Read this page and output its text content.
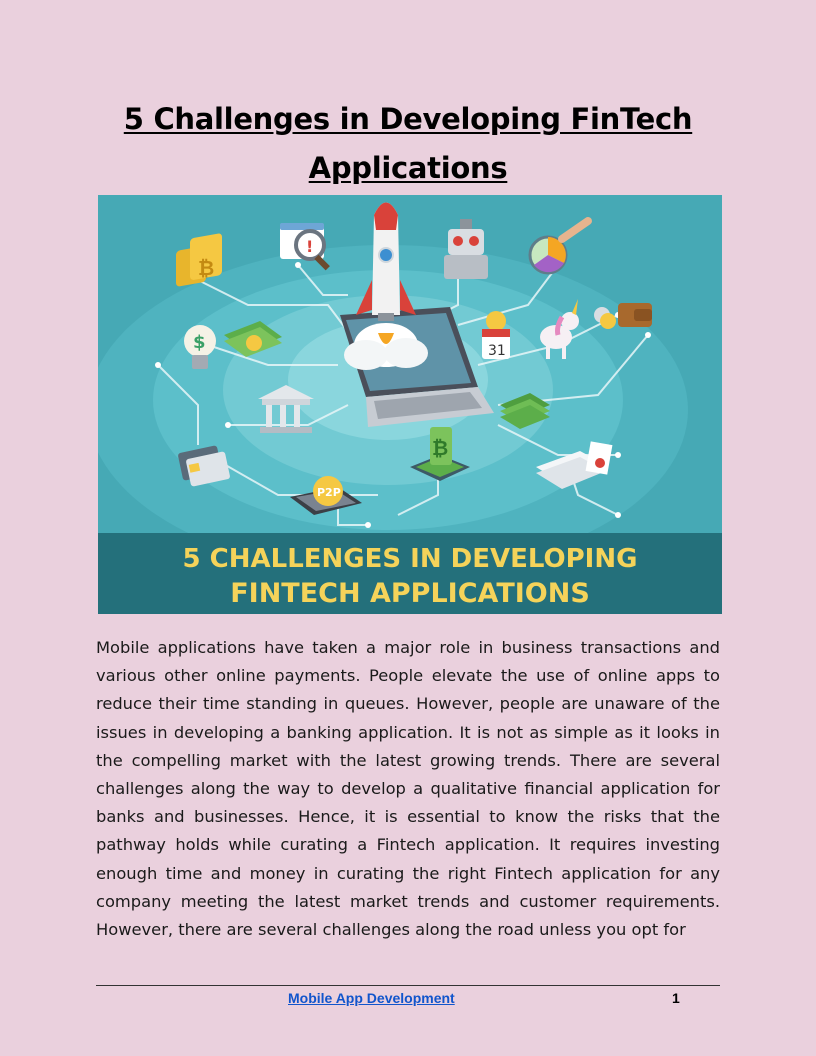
5 Challenges in Developing FinTech Applications
₿
!
$	31
₿
P2P
5 CHALLENGES IN DEVELOPING
FINTECH APPLICATIONS

Mobile applications have taken a major role in business transactions and various other online payments. People elevate the use of online apps to reduce their time standing in queues. However, people are unaware of the issues in developing a banking application. It is not as simple as it looks in the compelling market with the latest growing trends. There are several challenges along the way to develop a qualitative financial application for banks and businesses. Hence, it is essential to know the risks that the pathway holds while curating a Fintech application. It requires investing enough time and money in curating the right Fintech application for any company meeting the latest market trends and customer requirements. However, there are several challenges along the road unless you opt for

Mobile App Development	1
